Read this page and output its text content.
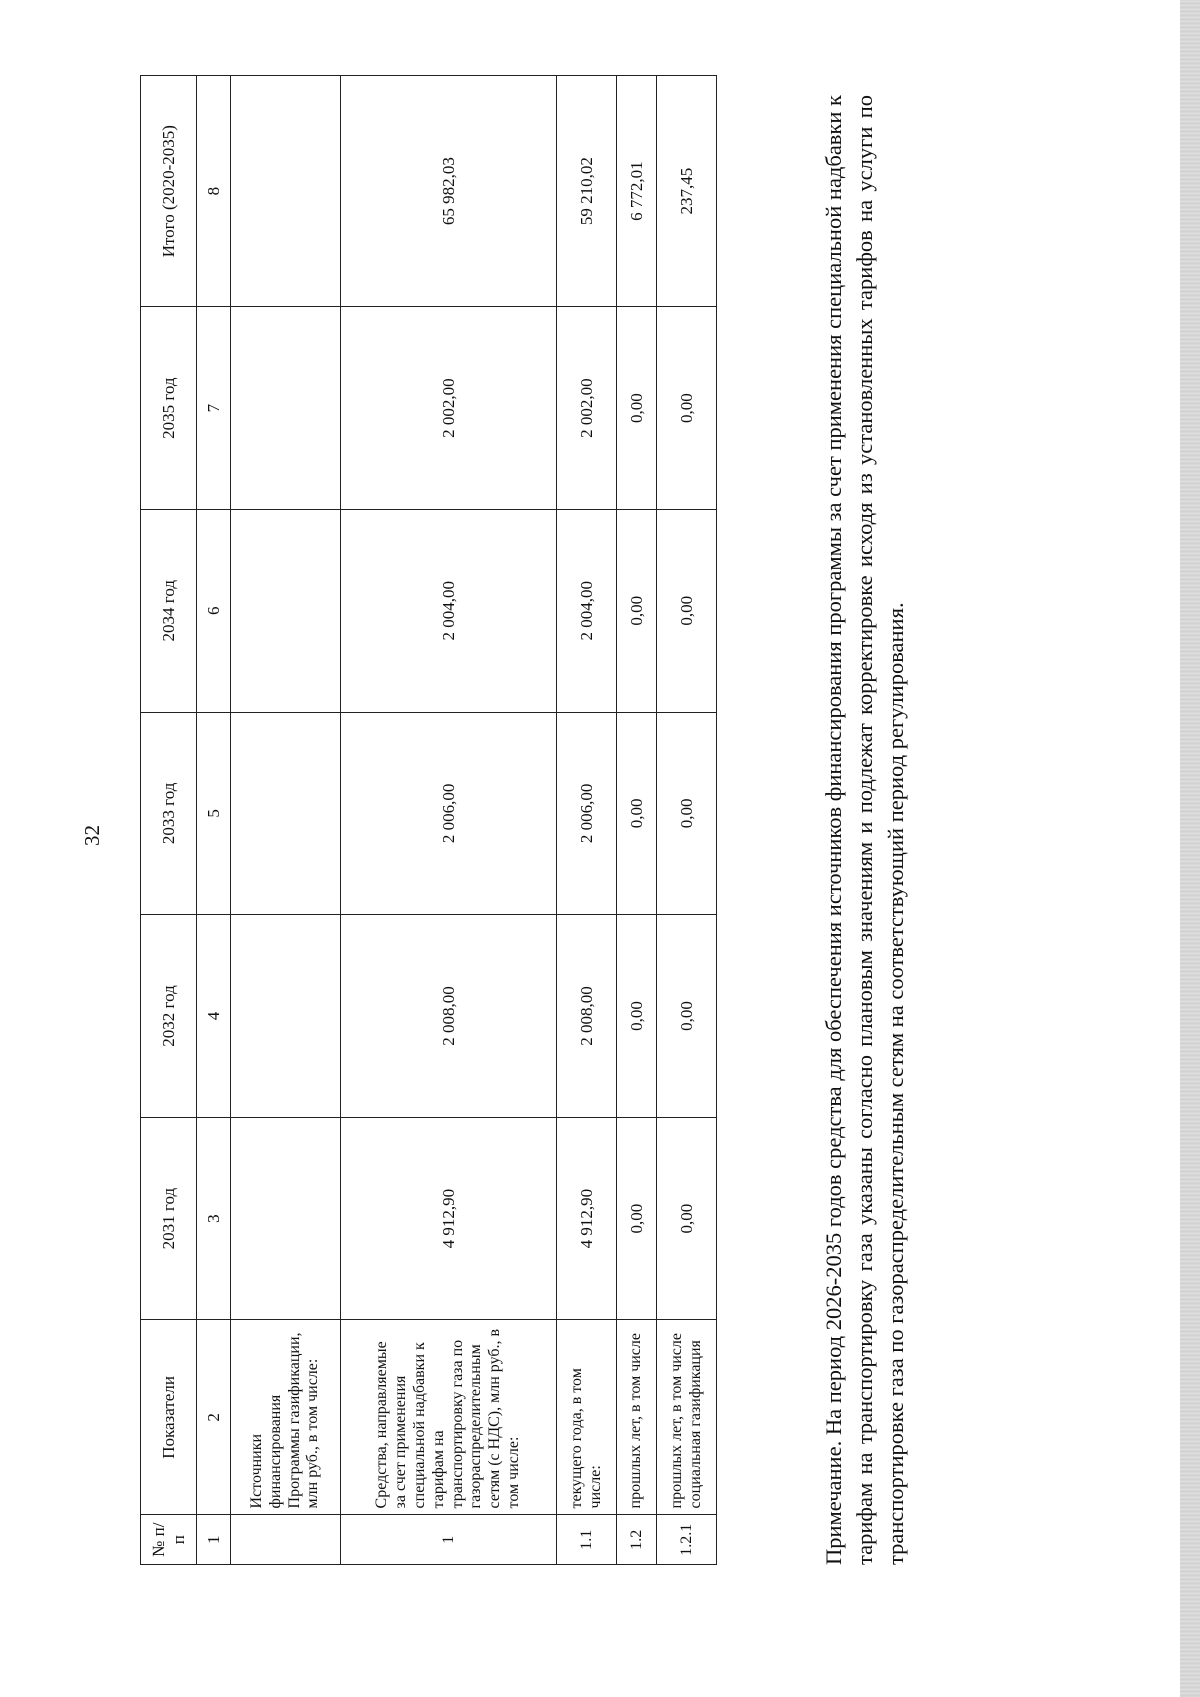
32
№ п/п	Показатели	2031 год	2032 год	2033 год	2034 год	2035 год	Итого (2020-2035)
1	2	3	4	5	6	7	8
	Источники финансирования Программы газификации, млн руб., в том числе:						
1	Средства, направляемые за счет применения специальной надбавки к тарифам на транспортировку газа по газораспределительным сетям (с НДС), млн руб., в том числе:	4 912,90	2 008,00	2 006,00	2 004,00	2 002,00	65 982,03
1.1	текущего года, в том числе:	4 912,90	2 008,00	2 006,00	2 004,00	2 002,00	59 210,02
1.2	прошлых лет, в том числе	0,00	0,00	0,00	0,00	0,00	6 772,01
1.2.1	прошлых лет, в том числе социальная газификация	0,00	0,00	0,00	0,00	0,00	237,45	Примечание. На период 2026-2035 годов средства для обеспечения источников финансирования программы за счет применения специальной надбавки к тарифам на транспортировку газа указаны согласно плановым значениям и подлежат корректировке исходя из установленных тарифов на услуги по транспортировке газа по газораспределительным сетям на соответствующий период регулирования.
